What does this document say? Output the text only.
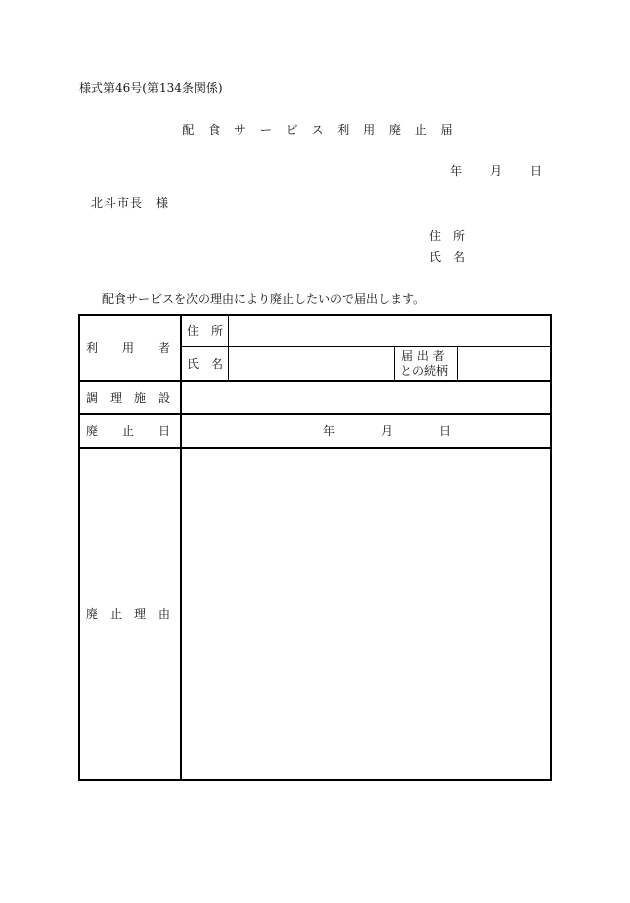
様式第46号(第134条関係)
配 食 サ ー ビ ス 利 用 廃 止 届
年 月 日
北斗市長　様
住　所
氏　名
配食サービスを次の理由により廃止したいので届出します。
利　　用　　者
住　所
氏　名
届 出 者
との続柄
調　理　施　設
廃　　止　　日	年	月	日
廃　止　理　由
